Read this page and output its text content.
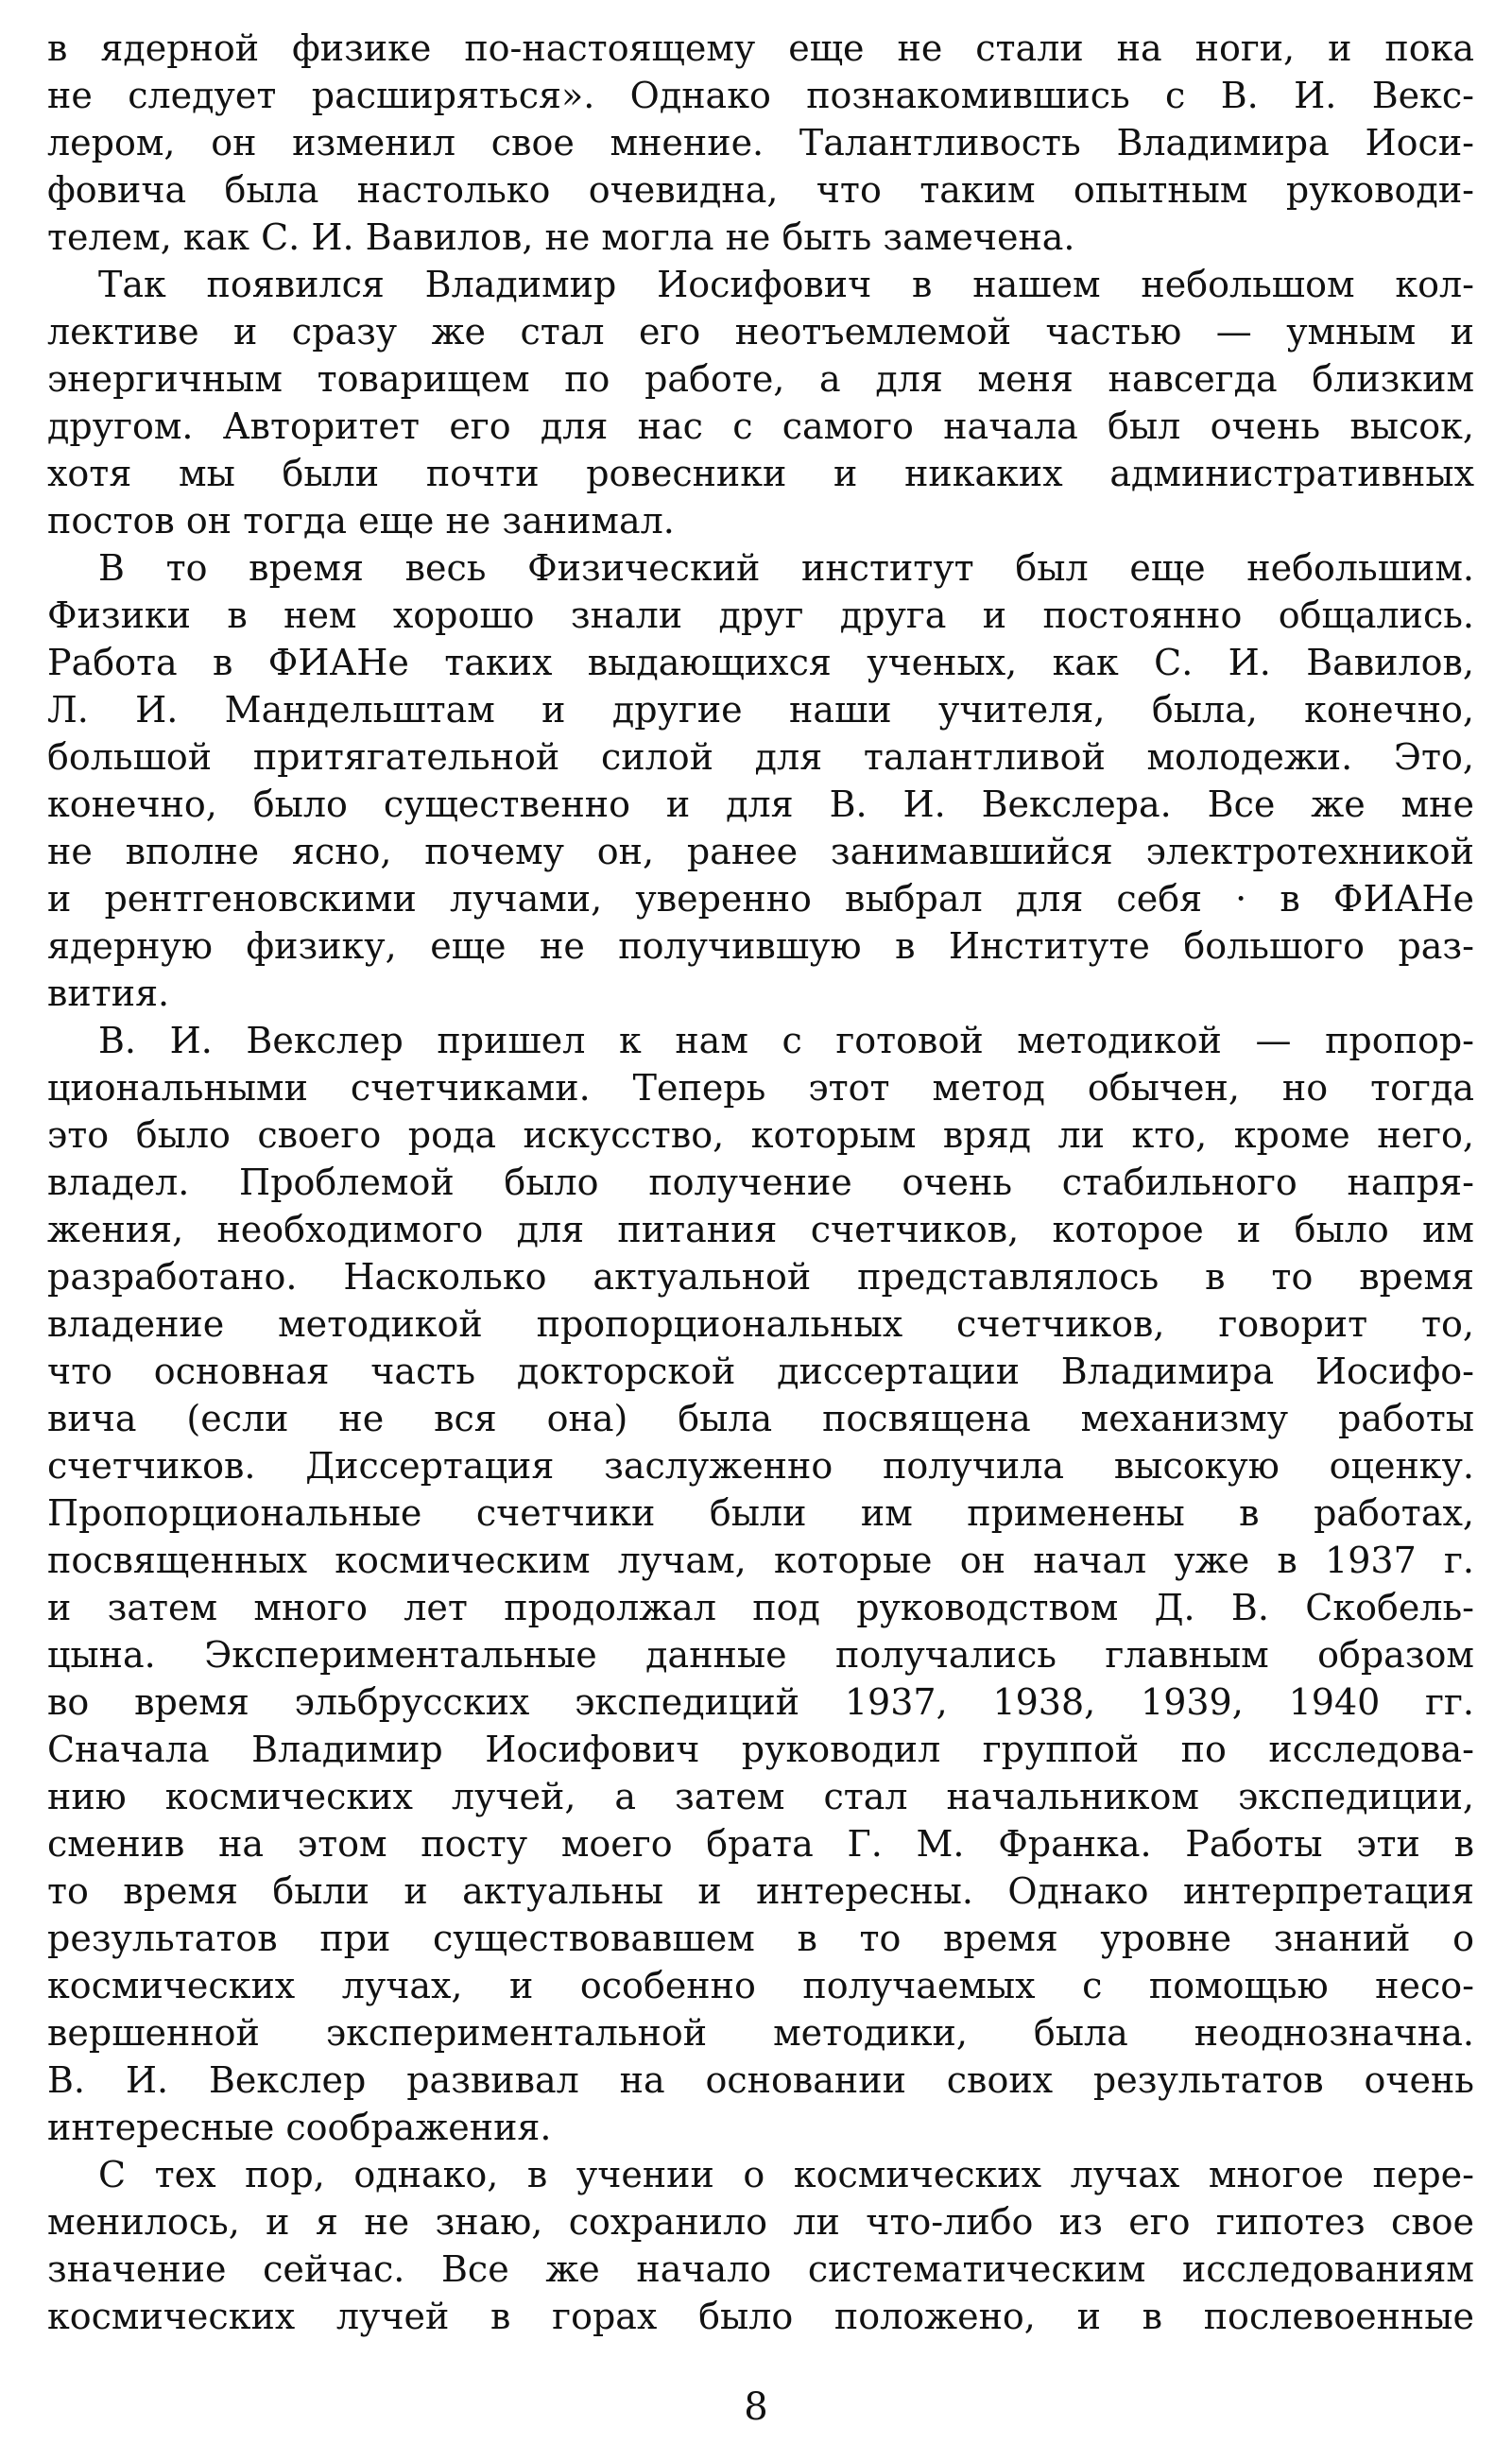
в ядерной физике по-настоящему еще не стали на ноги, и пока
не следует расширяться». Однако познакомившись с В. И. Векс-
лером, он изменил свое мнение. Талантливость Владимира Иоси-
фовича была настолько очевидна, что таким опытным руководи-
телем, как С. И. Вавилов, не могла не быть замечена.
Так появился Владимир Иосифович в нашем небольшом кол-
лективе и сразу же стал его неотъемлемой частью — умным и
энергичным товарищем по работе, а для меня навсегда близким
другом. Авторитет его для нас с самого начала был очень высок,
хотя мы были почти ровесники и никаких административных
постов он тогда еще не занимал.
В то время весь Физический институт был еще небольшим.
Физики в нем хорошо знали друг друга и постоянно общались.
Работа в ФИАНе таких выдающихся ученых, как С. И. Вавилов,
Л. И. Мандельштам и другие наши учителя, была, конечно,
большой притягательной силой для талантливой молодежи. Это,
конечно, было существенно и для В. И. Векслера. Все же мне
не вполне ясно, почему он, ранее занимавшийся электротехникой
и рентгеновскими лучами, уверенно выбрал для себя · в ФИАНе
ядерную физику, еще не получившую в Институте большого раз-
вития.
В. И. Векслер пришел к нам с готовой методикой — пропор-
циональными счетчиками. Теперь этот метод обычен, но тогда
это было своего рода искусство, которым вряд ли кто, кроме него,
владел. Проблемой было получение очень стабильного напря-
жения, необходимого для питания счетчиков, которое и было им
разработано. Насколько актуальной представлялось в то время
владение методикой пропорциональных счетчиков, говорит то,
что основная часть докторской диссертации Владимира Иосифо-
вича (если не вся она) была посвящена механизму работы
счетчиков. Диссертация заслуженно получила высокую оценку.
Пропорциональные счетчики были им применены в работах,
посвященных космическим лучам, которые он начал уже в 1937 г.
и затем много лет продолжал под руководством Д. В. Скобель-
цына. Экспериментальные данные получались главным образом
во время эльбрусских экспедиций 1937, 1938, 1939, 1940 гг.
Сначала Владимир Иосифович руководил группой по исследова-
нию космических лучей, а затем стал начальником экспедиции,
сменив на этом посту моего брата Г. М. Франка. Работы эти в
то время были и актуальны и интересны. Однако интерпретация
результатов при существовавшем в то время уровне знаний о
космических лучах, и особенно получаемых с помощью несо-
вершенной экспериментальной методики, была неоднозначна.
В. И. Векслер развивал на основании своих результатов очень
интересные соображения.
С тех пор, однако, в учении о космических лучах многое пере-
менилось, и я не знаю, сохранило ли что-либо из его гипотез свое
значение сейчас. Все же начало систематическим исследованиям
космических лучей в горах было положено, и в послевоенные
8
